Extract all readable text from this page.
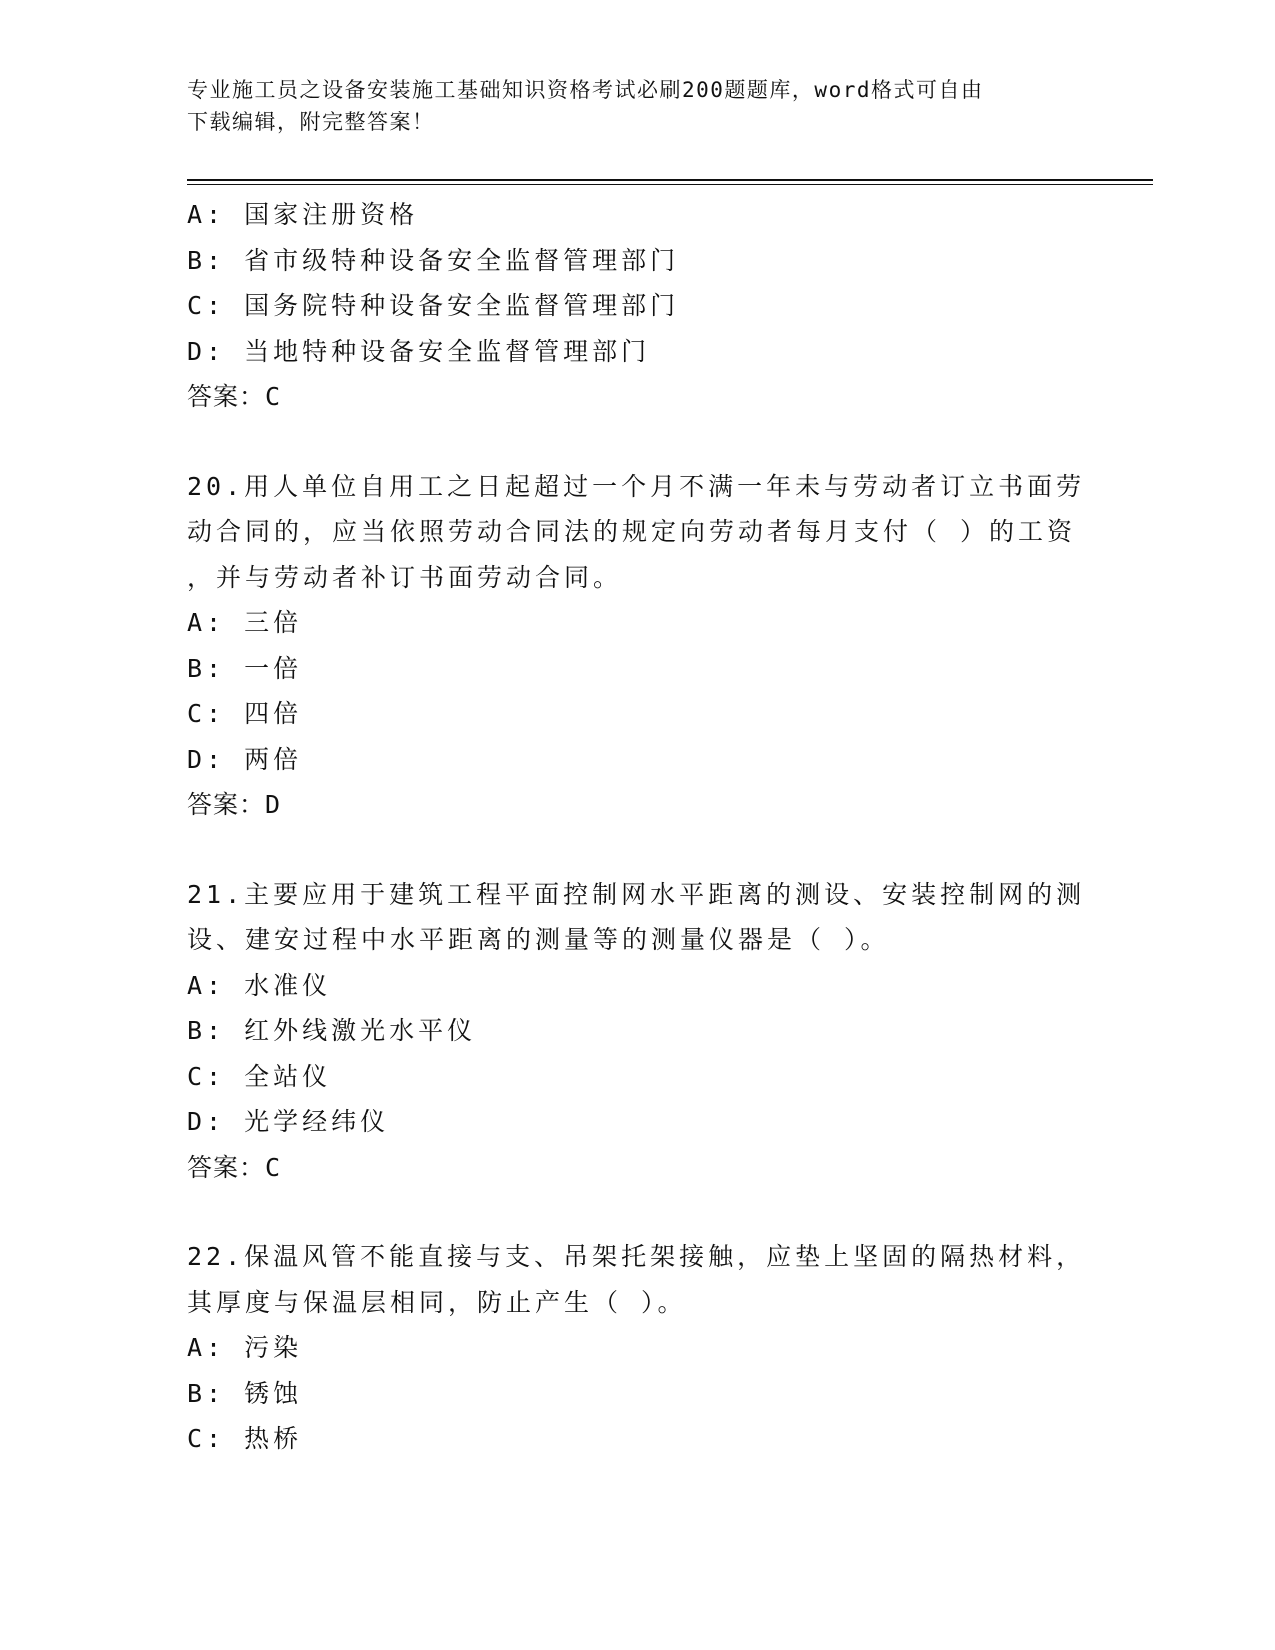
专业施工员之设备安装施工基础知识资格考试必刷200题题库，word格式可自由
下载编辑，附完整答案！
A: 国家注册资格
B: 省市级特种设备安全监督管理部门
C: 国务院特种设备安全监督管理部门
D: 当地特种设备安全监督管理部门
答案：C
20.用人单位自用工之日起超过一个月不满一年未与劳动者订立书面劳
动合同的，应当依照劳动合同法的规定向劳动者每月支付（ ）的工资
，并与劳动者补订书面劳动合同。
A: 三倍
B: 一倍
C: 四倍
D: 两倍
答案：D
21.主要应用于建筑工程平面控制网水平距离的测设、安装控制网的测
设、建安过程中水平距离的测量等的测量仪器是（ ）。
A: 水准仪
B: 红外线激光水平仪
C: 全站仪
D: 光学经纬仪
答案：C
22.保温风管不能直接与支、吊架托架接触，应垫上坚固的隔热材料，
其厚度与保温层相同，防止产生（ ）。
A: 污染
B: 锈蚀
C: 热桥
